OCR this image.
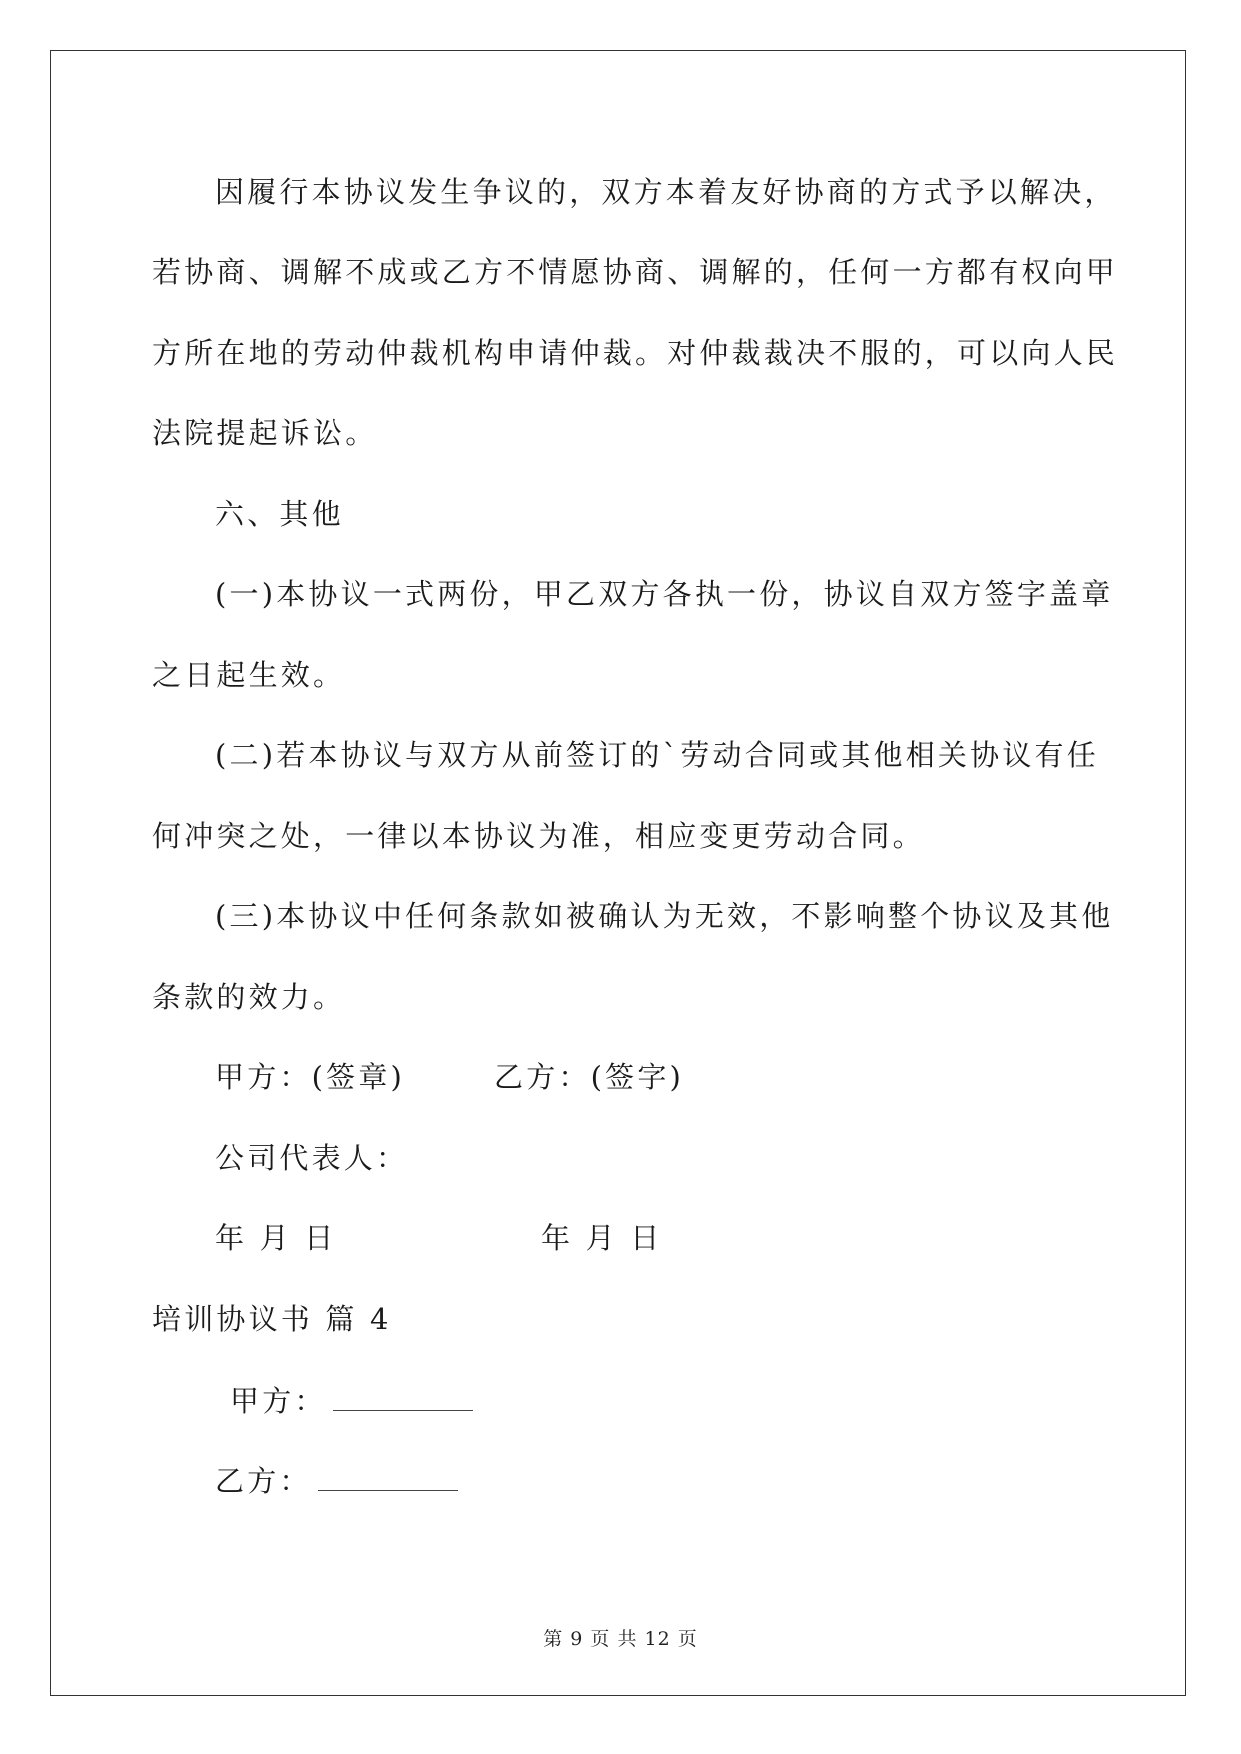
因履行本协议发生争议的，双方本着友好协商的方式予以解决，
若协商、调解不成或乙方不情愿协商、调解的，任何一方都有权向甲
方所在地的劳动仲裁机构申请仲裁。对仲裁裁决不服的，可以向人民
法院提起诉讼。
六、其他
(一)本协议一式两份，甲乙双方各执一份，协议自双方签字盖章
之日起生效。
(二)若本协议与双方从前签订的`劳动合同或其他相关协议有任
何冲突之处，一律以本协议为准，相应变更劳动合同。
(三)本协议中任何条款如被确认为无效，不影响整个协议及其他
条款的效力。
甲方：(签章)	乙方：(签字)
公司代表人：
年 月 日	年 月 日
培训协议书 篇 4
甲方：
乙方：
第 9 页 共 12 页
